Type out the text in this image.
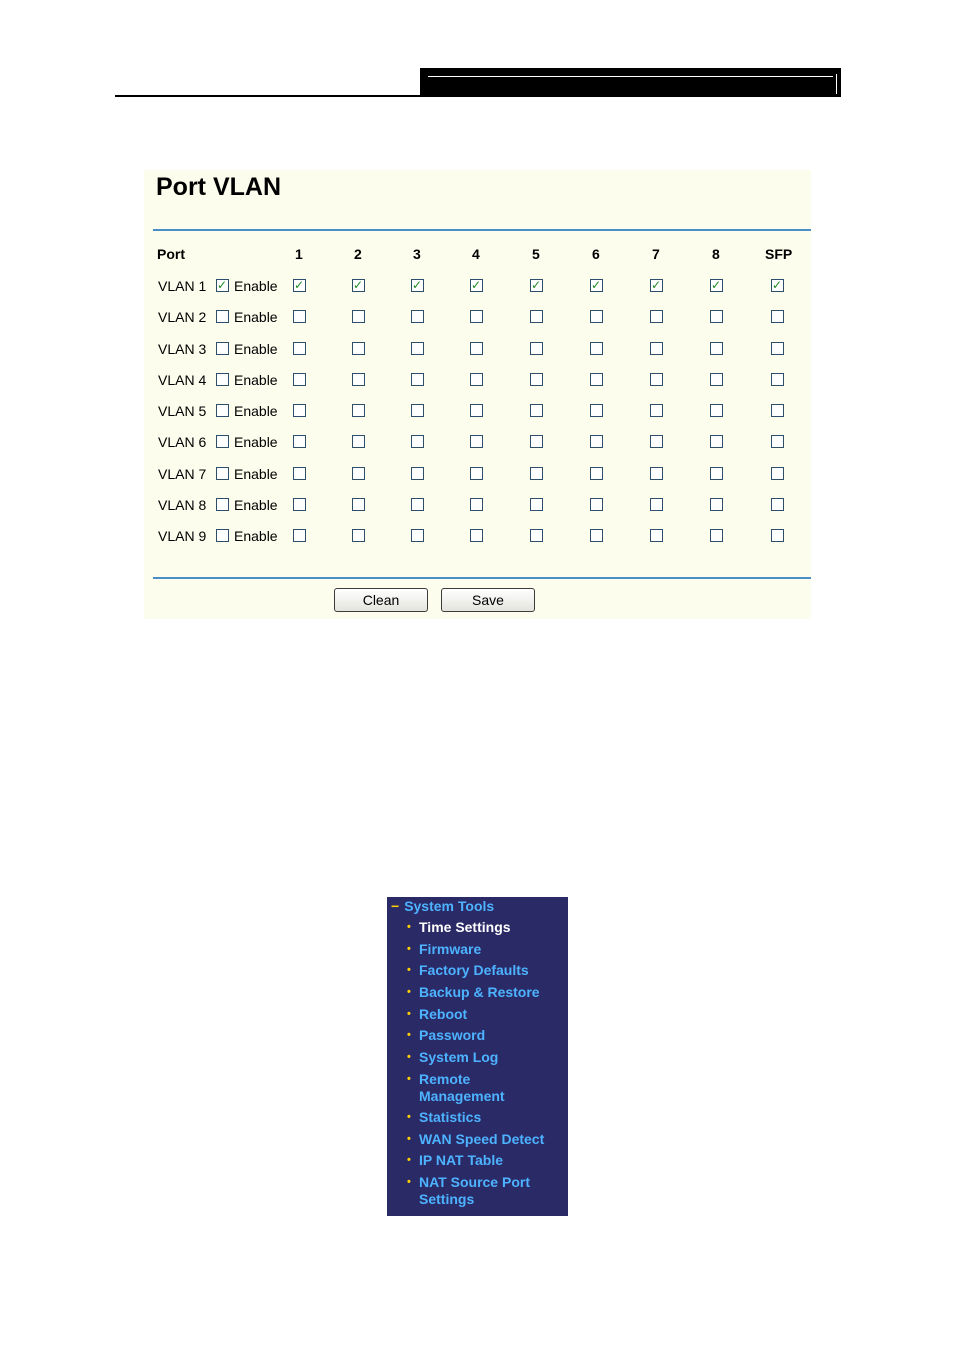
Port VLAN
Port	1	2	3	4	5	6	7	8	SFP
VLAN 1
✓ Enable
✓
✓
✓
✓
✓
✓
✓
✓
✓
VLAN 2 Enable
VLAN 3 Enable
VLAN 4 Enable
VLAN 5 Enable
VLAN 6 Enable
VLAN 7 Enable
VLAN 8 Enable
VLAN 9 Enable
Clean	Save
− System Tools
• Time Settings
• Firmware
• Factory Defaults
• Backup & Restore
• Reboot
• Password
• System Log
• Remote Management
• Statistics
• WAN Speed Detect
• IP NAT Table
• NAT Source Port Settings
